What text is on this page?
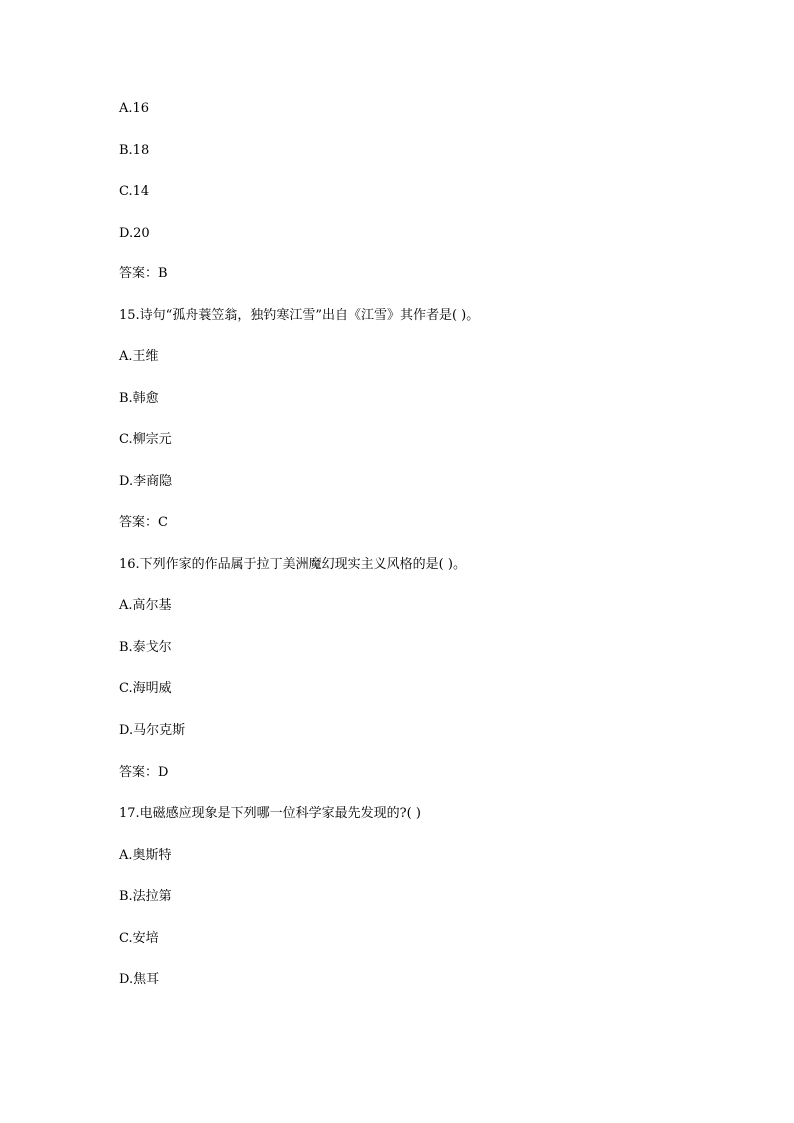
A.16
B.18
C.14
D.20
答案：B
15.诗句“孤舟蓑笠翁，独钓寒江雪”出自《江雪》其作者是( )。
A.王维
B.韩愈
C.柳宗元
D.李商隐
答案：C
16.下列作家的作品属于拉丁美洲魔幻现实主义风格的是( )。
A.高尔基
B.泰戈尔
C.海明威
D.马尔克斯
答案：D
17.电磁感应现象是下列哪一位科学家最先发现的?( )
A.奥斯特
B.法拉第
C.安培
D.焦耳
